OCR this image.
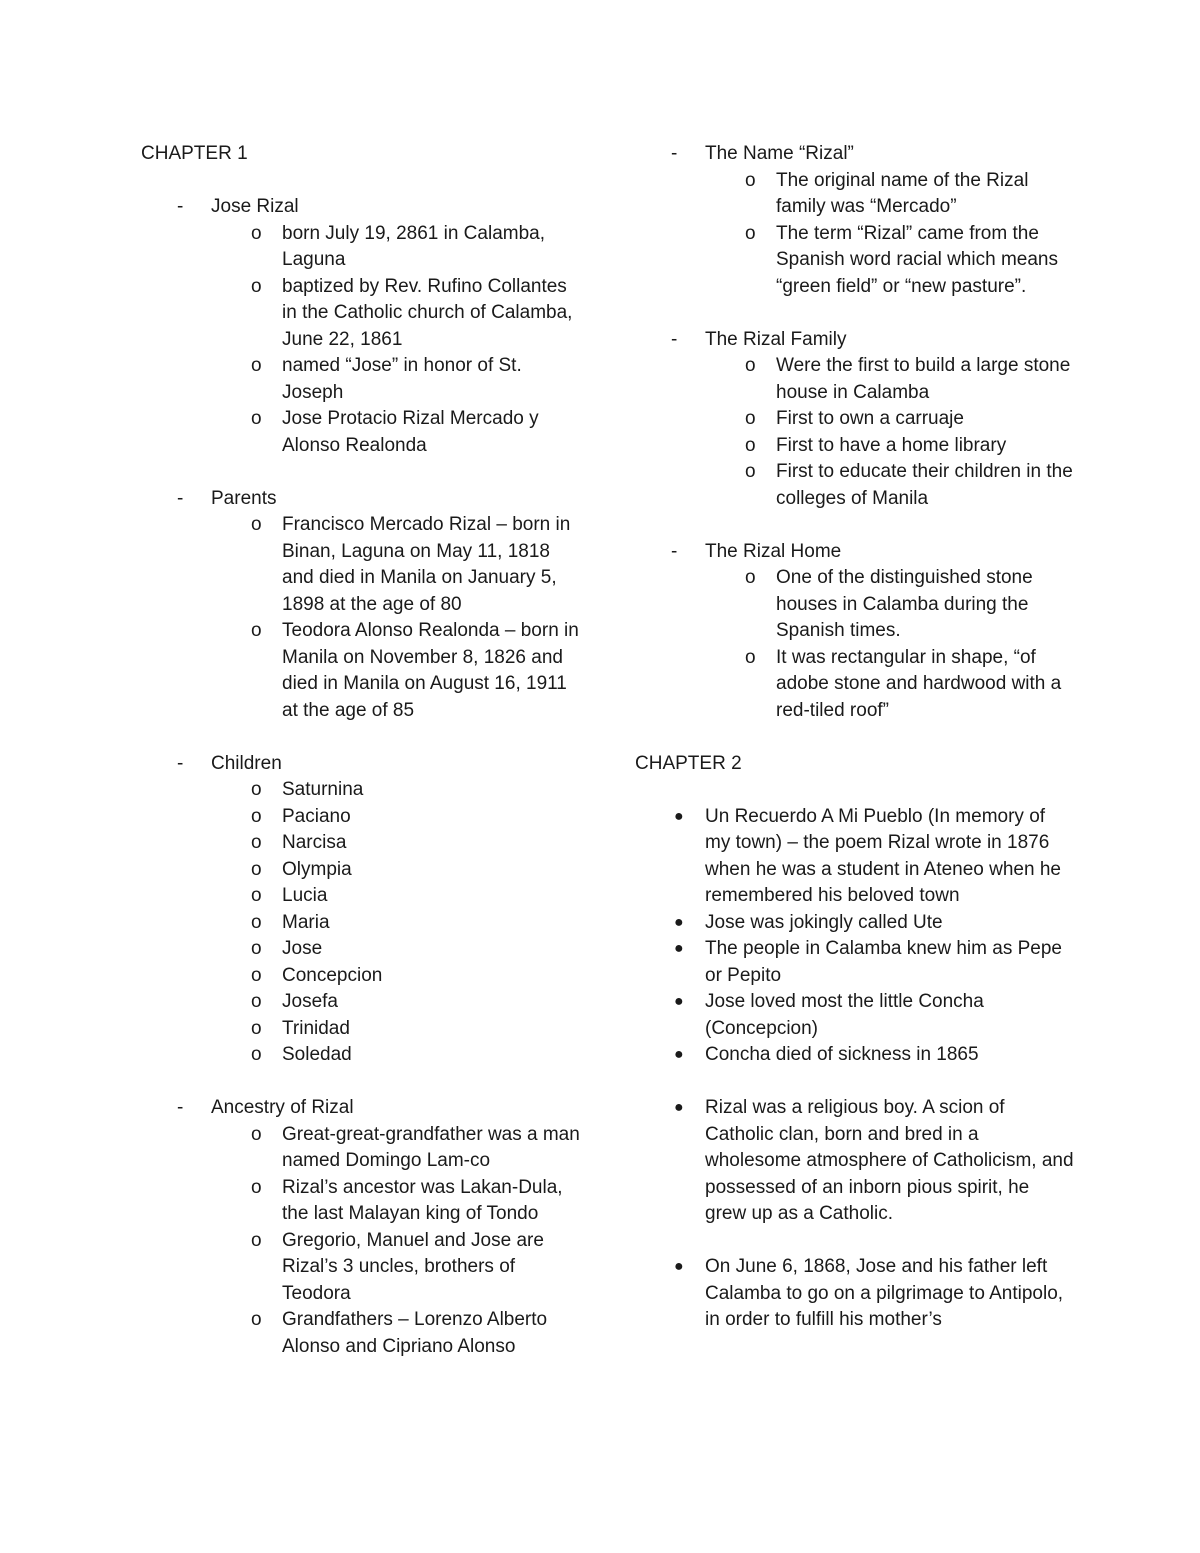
CHAPTER 1
- Jose Rizal
o born July 19, 2861 in Calamba, Laguna
o baptized by Rev. Rufino Collantes in the Catholic church of Calamba, June 22, 1861
o named “Jose” in honor of St. Joseph
o Jose Protacio Rizal Mercado y Alonso Realonda
- Parents
o Francisco Mercado Rizal – born in Binan, Laguna on May 11, 1818 and died in Manila on January 5, 1898 at the age of 80
o Teodora Alonso Realonda – born in Manila on November 8, 1826 and died in Manila on August 16, 1911 at the age of 85
- Children
o Saturnina
o Paciano
o Narcisa
o Olympia
o Lucia
o Maria
o Jose
o Concepcion
o Josefa
o Trinidad
o Soledad
- Ancestry of Rizal
o Great-great-grandfather was a man named Domingo Lam-co
o Rizal’s ancestor was Lakan-Dula, the last Malayan king of Tondo
o Gregorio, Manuel and Jose are Rizal’s 3 uncles, brothers of Teodora
o Grandfathers – Lorenzo Alberto Alonso and Cipriano Alonso
- The Name “Rizal”
o The original name of the Rizal family was “Mercado”
o The term “Rizal” came from the Spanish word racial which means “green field” or “new pasture”.
- The Rizal Family
o Were the first to build a large stone house in Calamba
o First to own a carruaje
o First to have a home library
o First to educate their children in the colleges of Manila
- The Rizal Home
o One of the distinguished stone houses in Calamba during the Spanish times.
o It was rectangular in shape, “of adobe stone and hardwood with a red-tiled roof”
CHAPTER 2
● Un Recuerdo A Mi Pueblo (In memory of my town) – the poem Rizal wrote in 1876 when he was a student in Ateneo when he remembered his beloved town
● Jose was jokingly called Ute
● The people in Calamba knew him as Pepe or Pepito
● Jose loved most the little Concha (Concepcion)
● Concha died of sickness in 1865
● Rizal was a religious boy. A scion of Catholic clan, born and bred in a wholesome atmosphere of Catholicism, and possessed of an inborn pious spirit, he grew up as a Catholic.
● On June 6, 1868, Jose and his father left Calamba to go on a pilgrimage to Antipolo, in order to fulfill his mother’s
